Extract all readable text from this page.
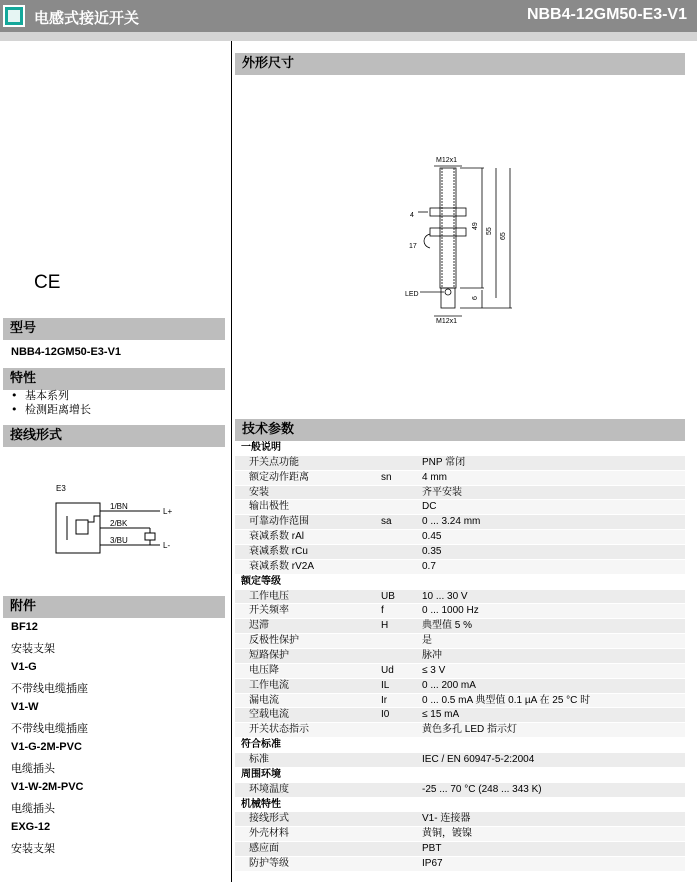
电感式接近开关	NBB4-12GM50-E3-V1
CE
型号
NBB4-12GM50-E3-V1
特性
• 基本系列
• 检测距离增长
接线形式
E3
1/BN
2/BK
3/BU
L+
L-
附件
BF12
安装支架
V1-G
不带线电缆插座
V1-W
不带线电缆插座
V1-G-2M-PVC
电缆插头
V1-W-2M-PVC
电缆插头
EXG-12
安装支架
外形尺寸
M12x1
M12x1
4
17
LED
49
55
65
6
技术参数
一般说明
开关点功能	PNP 常闭
额定动作距离	sn	4 mm
安装	齐平安装
输出极性	DC
可靠动作范围	sa	0 ... 3.24 mm
衰减系数 rAl	0.45
衰减系数 rCu	0.35
衰减系数 rV2A	0.7
额定等级
工作电压	UB	10 ... 30 V
开关频率	f	0 ... 1000 Hz
迟滞	H	典型值 5 %
反极性保护	是
短路保护	脉冲
电压降	Ud	≤ 3 V
工作电流	IL	0 ... 200 mA
漏电流	Ir	0 ... 0.5 mA 典型值 0.1 µA 在 25 °C 时
空载电流	I0	≤ 15 mA
开关状态指示	黄色多孔 LED 指示灯
符合标准
标准	IEC / EN 60947-5-2:2004
周围环境
环境温度	-25 ... 70 °C (248 ... 343 K)
机械特性
接线形式	V1- 连接器
外壳材料	黄铜，镀镍
感应面	PBT
防护等级	IP67
